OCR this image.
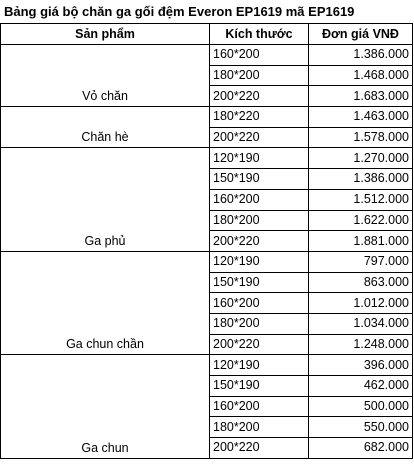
Bảng giá bộ chăn ga gối đệm Everon EP1619 mã EP1619
Sản phẩm	Kích thước	Đơn giá VNĐ
Vỏ chăn	160*200	1.386.000
	180*200	1.468.000
	200*220	1.683.000
Chăn hè	180*220	1.463.000
	200*220	1.578.000
Ga phủ	120*190	1.270.000
	150*190	1.386.000
	160*200	1.512.000
	180*200	1.622.000
	200*220	1.881.000
Ga chun chần	120*190	797.000
	150*190	863.000
	160*200	1.012.000
	180*200	1.034.000
	200*220	1.248.000
Ga chun	120*190	396.000
	150*190	462.000
	160*200	500.000
	180*200	550.000
	200*220	682.000
